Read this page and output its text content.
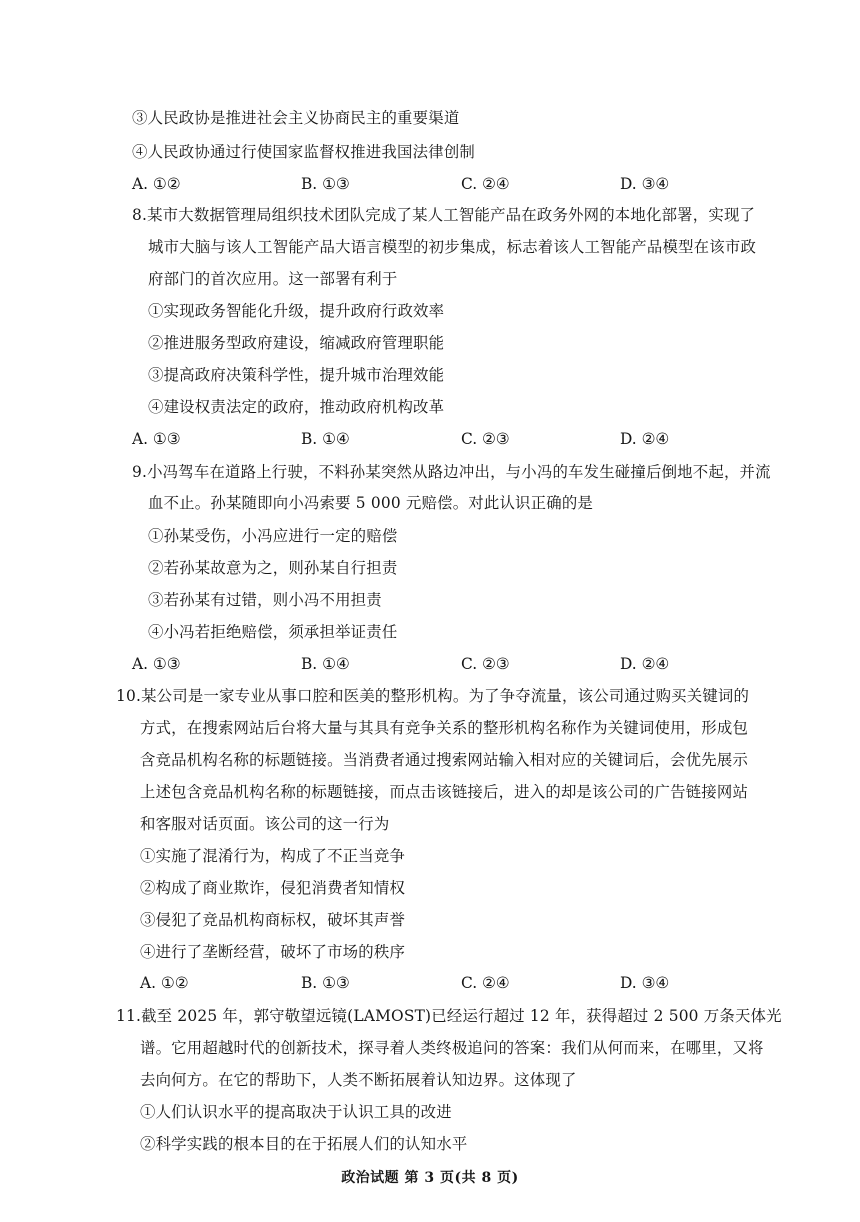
③人民政协是推进社会主义协商民主的重要渠道
④人民政协通过行使国家监督权推进我国法律创制
A. ①②	B. ①③	C. ②④	D. ③④
8.某市大数据管理局组织技术团队完成了某人工智能产品在政务外网的本地化部署，实现了
城市大脑与该人工智能产品大语言模型的初步集成，标志着该人工智能产品模型在该市政
府部门的首次应用。这一部署有利于
①实现政务智能化升级，提升政府行政效率
②推进服务型政府建设，缩减政府管理职能
③提高政府决策科学性，提升城市治理效能
④建设权责法定的政府，推动政府机构改革
A. ①③	B. ①④	C. ②③	D. ②④
9.小冯驾车在道路上行驶，不料孙某突然从路边冲出，与小冯的车发生碰撞后倒地不起，并流
血不止。孙某随即向小冯索要 5 000 元赔偿。对此认识正确的是
①孙某受伤，小冯应进行一定的赔偿
②若孙某故意为之，则孙某自行担责
③若孙某有过错，则小冯不用担责
④小冯若拒绝赔偿，须承担举证责任
A. ①③	B. ①④	C. ②③	D. ②④
10.某公司是一家专业从事口腔和医美的整形机构。为了争夺流量，该公司通过购买关键词的
方式，在搜索网站后台将大量与其具有竞争关系的整形机构名称作为关键词使用，形成包
含竞品机构名称的标题链接。当消费者通过搜索网站输入相对应的关键词后，会优先展示
上述包含竞品机构名称的标题链接，而点击该链接后，进入的却是该公司的广告链接网站
和客服对话页面。该公司的这一行为
①实施了混淆行为，构成了不正当竞争
②构成了商业欺诈，侵犯消费者知情权
③侵犯了竞品机构商标权，破坏其声誉
④进行了垄断经营，破坏了市场的秩序
A. ①②	B. ①③	C. ②④	D. ③④
11.截至 2025 年，郭守敬望远镜(LAMOST)已经运行超过 12 年，获得超过 2 500 万条天体光
谱。它用超越时代的创新技术，探寻着人类终极追问的答案：我们从何而来，在哪里，又将
去向何方。在它的帮助下，人类不断拓展着认知边界。这体现了
①人们认识水平的提高取决于认识工具的改进
②科学实践的根本目的在于拓展人们的认知水平
政治试题 第 3 页(共 8 页)
